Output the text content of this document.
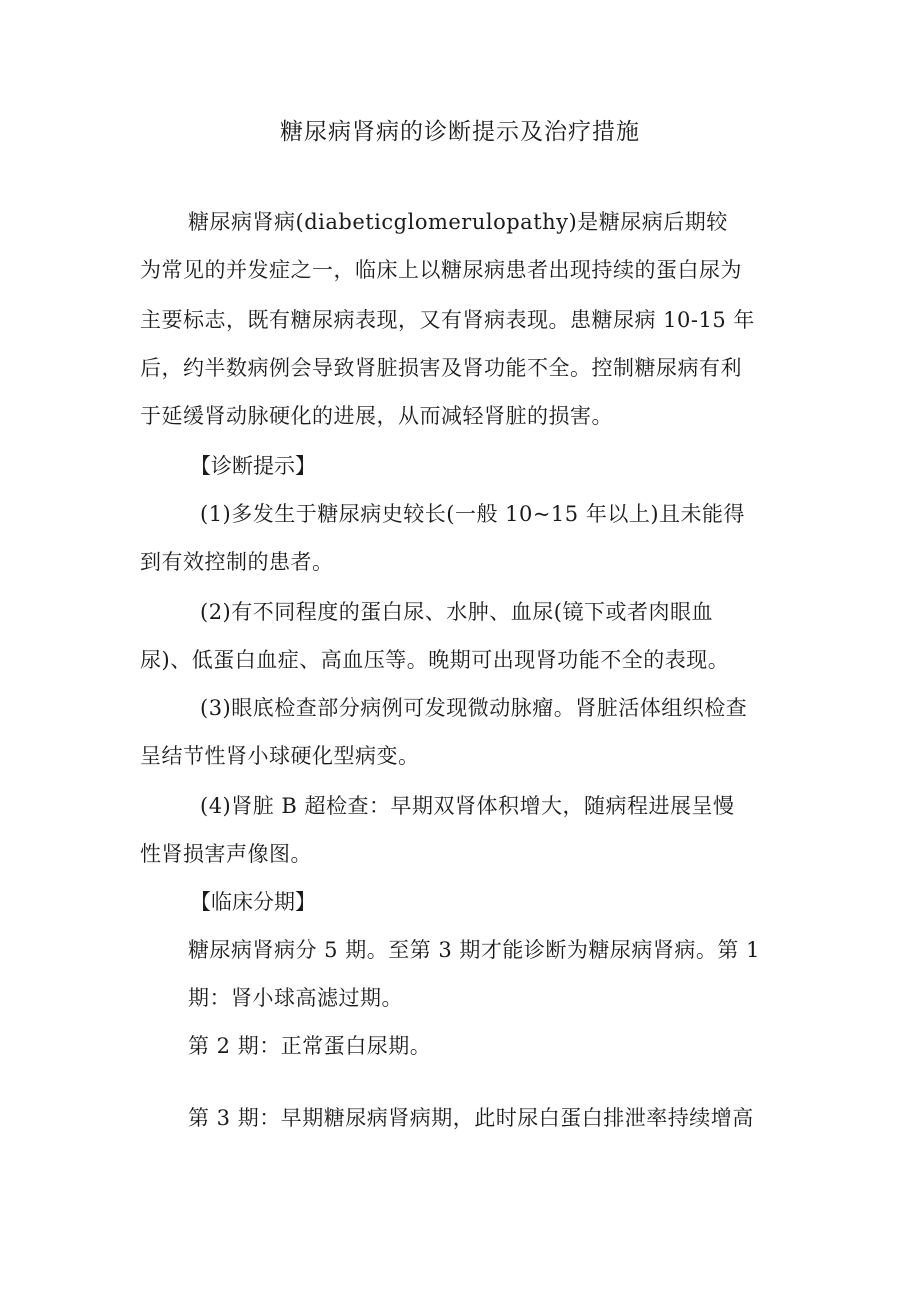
糖尿病肾病的诊断提示及治疗措施
糖尿病肾病(diabeticglomerulopathy)是糖尿病后期较
为常见的并发症之一，临床上以糖尿病患者出现持续的蛋白尿为
主要标志，既有糖尿病表现，又有肾病表现。患糖尿病 10-15 年
后，约半数病例会导致肾脏损害及肾功能不全。控制糖尿病有利
于延缓肾动脉硬化的进展，从而减轻肾脏的损害。
【诊断提示】
(1)多发生于糖尿病史较长(一般 10~15 年以上)且未能得
到有效控制的患者。
(2)有不同程度的蛋白尿、水肿、血尿(镜下或者肉眼血
尿)、低蛋白血症、高血压等。晚期可出现肾功能不全的表现。
(3)眼底检查部分病例可发现微动脉瘤。肾脏活体组织检查
呈结节性肾小球硬化型病变。
(4)肾脏 B 超检查：早期双肾体积增大，随病程进展呈慢
性肾损害声像图。
【临床分期】
糖尿病肾病分 5 期。至第 3 期才能诊断为糖尿病肾病。第 1
期：肾小球高滤过期。
第 2 期：正常蛋白尿期。
第 3 期：早期糖尿病肾病期，此时尿白蛋白排泄率持续增高
